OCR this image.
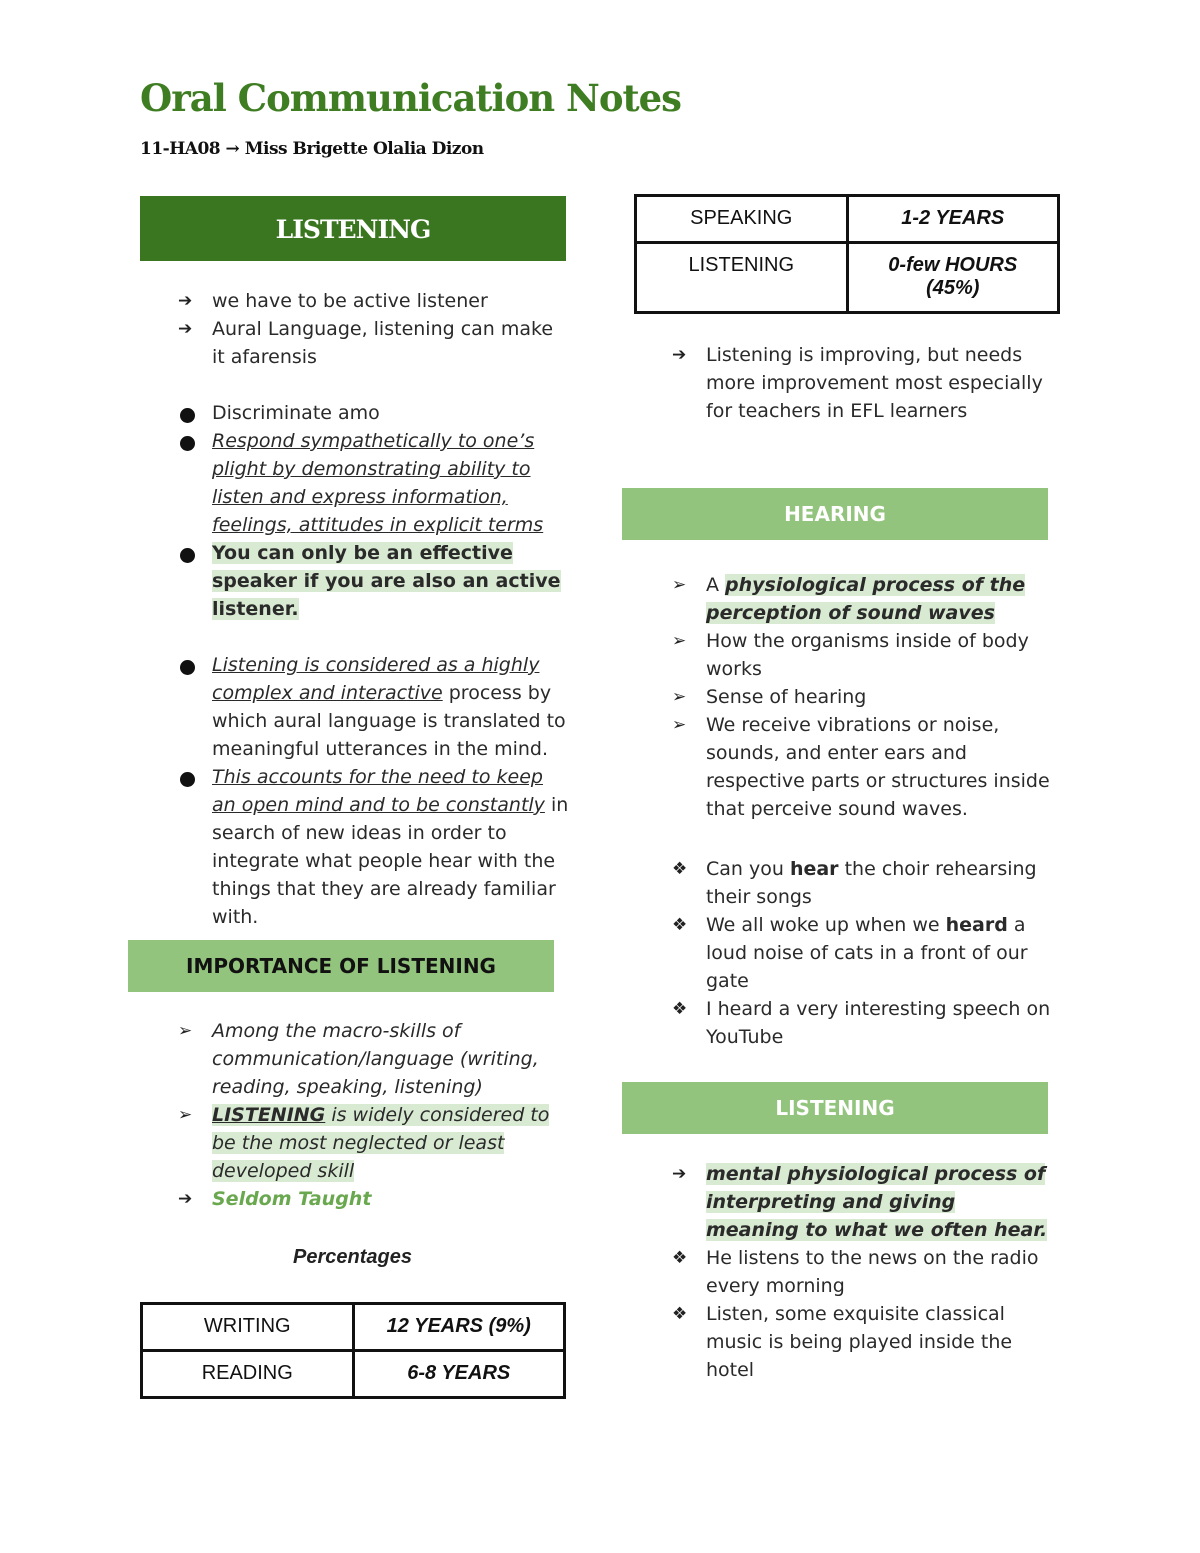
Oral Communication Notes
11-HA08 → Miss Brigette Olalia Dizon
LISTENING
➔	we have to be active listener
➔	Aural Language, listening can make it afarensis
Discriminate amo
Respond sympathetically to one’s plight by demonstrating ability to listen and express information, feelings, attitudes in explicit terms
You can only be an effective speaker if you are also an active listener.
Listening is considered as a highly complex and interactive process by which aural language is translated to meaningful utterances in the mind.
This accounts for the need to keep an open mind and to be constantly in search of new ideas in order to integrate what people hear with the things that they are already familiar with.
IMPORTANCE OF LISTENING
➢	Among the macro-skills of communication/language (writing, reading, speaking, listening)
➢	LISTENING is widely considered to be the most neglected or least developed skill
➔	Seldom Taught
Percentages
WRITING	12 YEARS (9%)
READING	6-8 YEARS
SPEAKING	1-2 YEARS
LISTENING	0-few HOURS (45%)
➔	Listening is improving, but needs more improvement most especially for teachers in EFL learners
HEARING
➢	A physiological process of the perception of sound waves
➢	How the organisms inside of body works
➢	Sense of hearing
➢	We receive vibrations or noise, sounds, and enter ears and respective parts or structures inside that perceive sound waves.
❖ Can you hear the choir rehearsing their songs
❖ We all woke up when we heard a loud noise of cats in a front of our gate
❖ I heard a very interesting speech on YouTube
LISTENING
➔	mental physiological process of interpreting and giving meaning to what we often hear.
❖ He listens to the news on the radio every morning
❖ Listen, some exquisite classical music is being played inside the hotel
